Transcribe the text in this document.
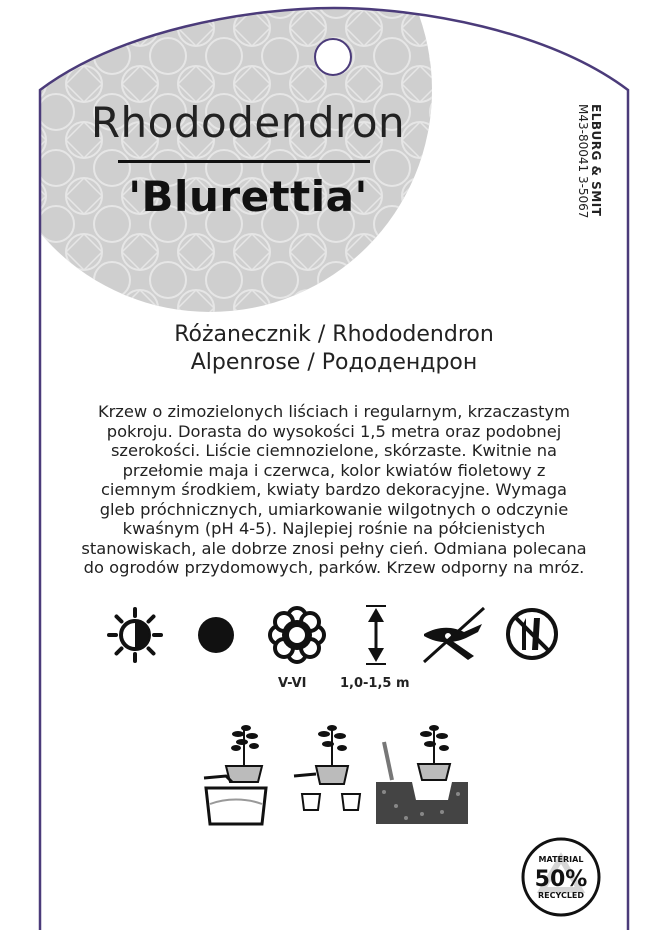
Rhododendron
'Blurettia'	ELBURG & SMIT
M43-80041 3-5067
Różanecznik / Rhododendron
Alpenrose / Рододендрон

Krzew o zimozielonych liściach i regularnym, krzaczastym

pokroju. Dorasta do wysokości 1,5 metra oraz podobnej

szerokości. Liście ciemnozielone, skórzaste. Kwitnie na

przełomie maja i czerwca, kolor kwiatów fioletowy z

ciemnym środkiem, kwiaty bardzo dekoracyjne. Wymaga

gleb próchnicznych, umiarkowanie wilgotnych o odczynie

kwaśnym (pH 4-5). Najlepiej rośnie na półcienistych

stanowiskach, ale dobrze znosi pełny cień. Odmiana polecana

do ogrodów przydomowych, parków. Krzew odporny na mróz.

V-VI	1,0-1,5 m
MATERIAL
50%
RECYCLED
